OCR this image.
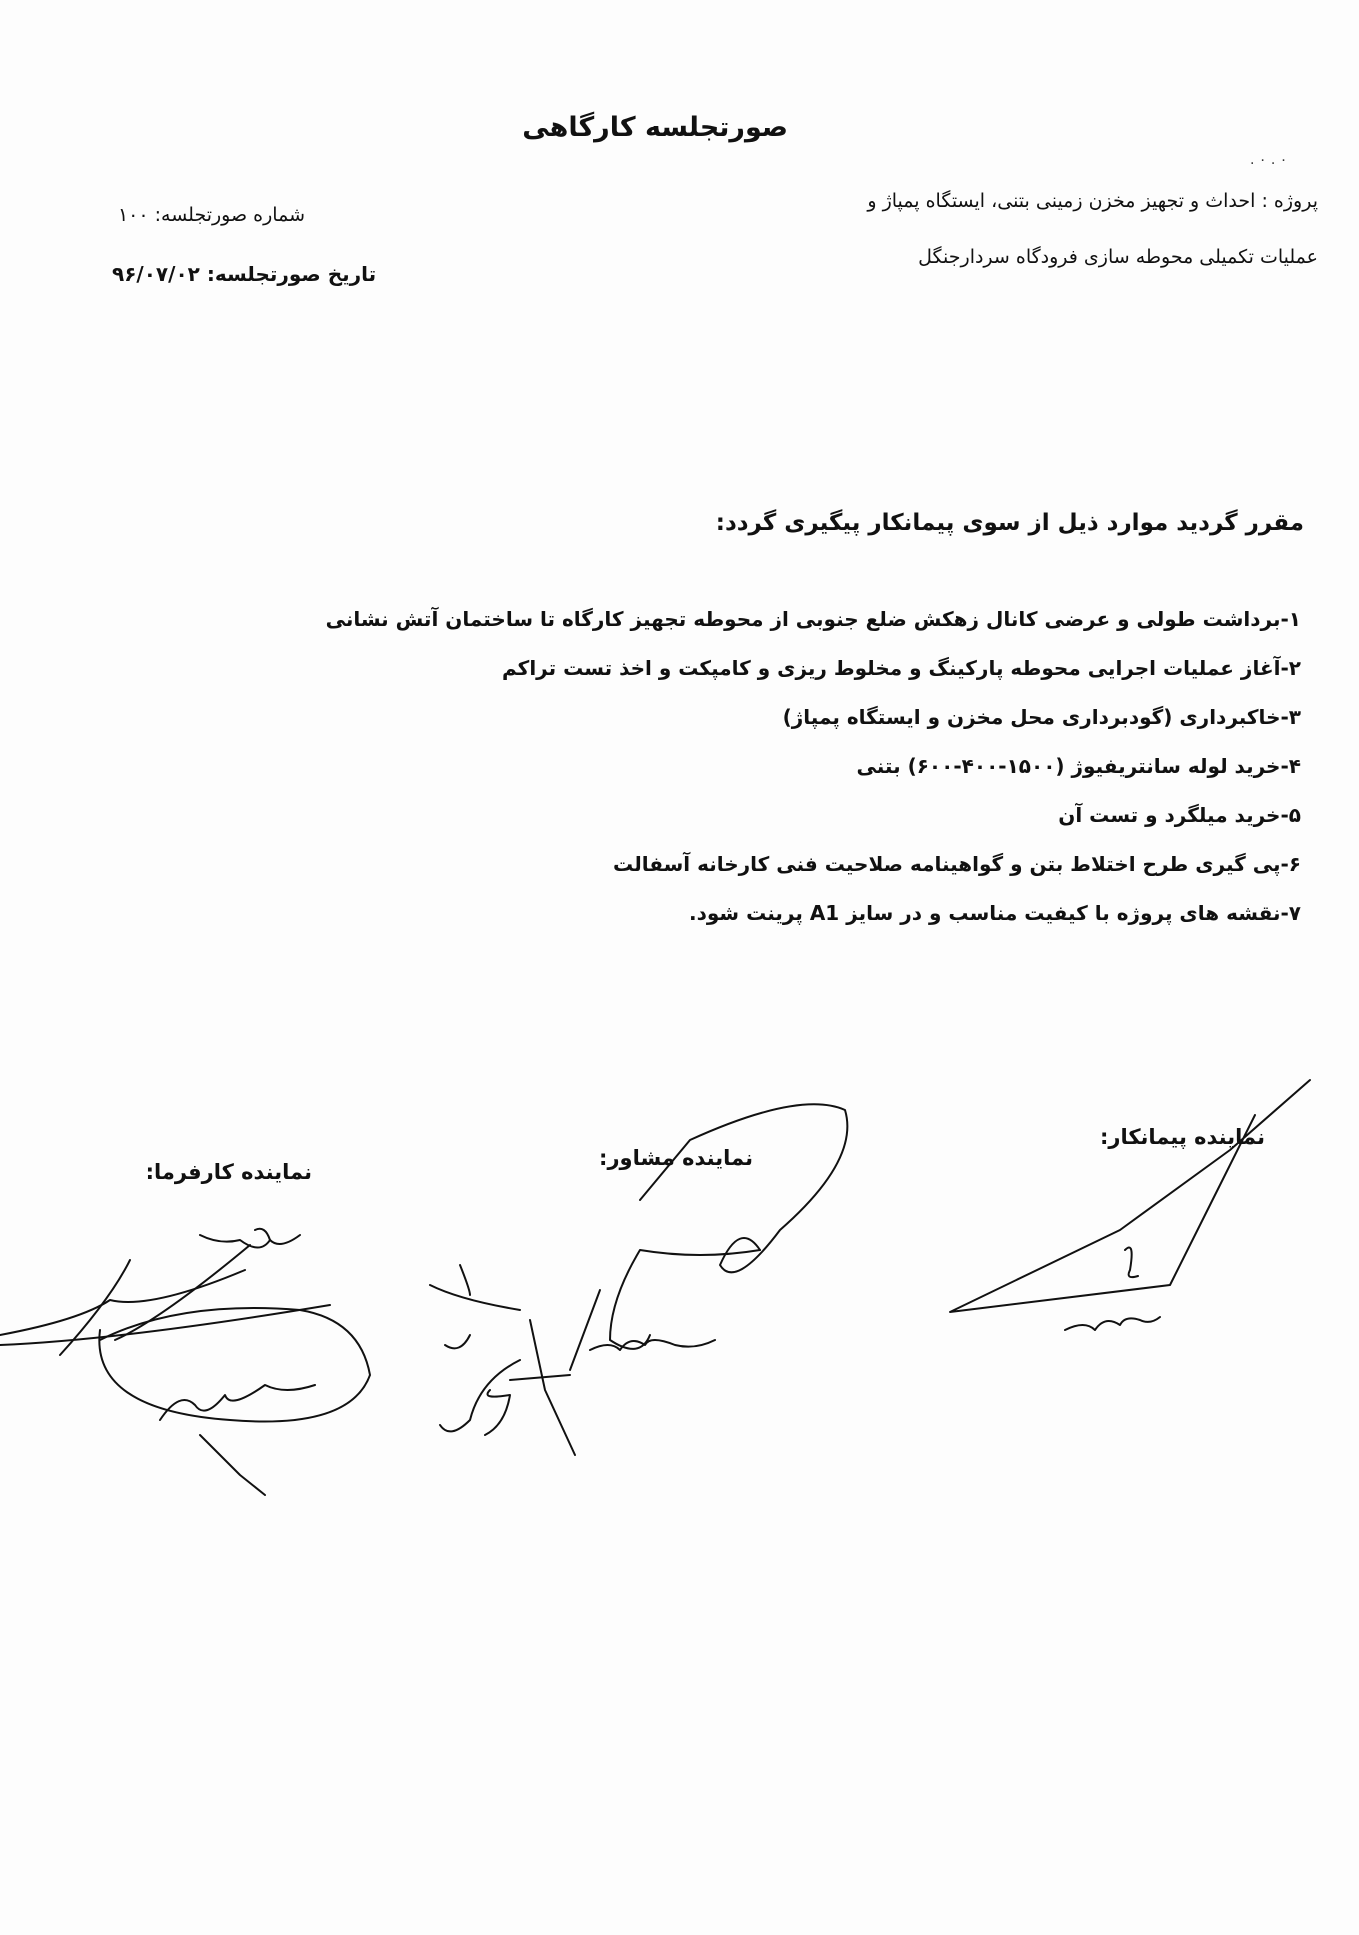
صورتجلسه کارگاهی
. ۰ . ۰
پروژه : احداث و تجهیز مخزن زمینی بتنی، ایستگاه پمپاژ و
عملیات تکمیلی محوطه سازی فرودگاه سردارجنگل
۱۰۰ :شماره صورتجلسه
۹۶/۰۷/۰۲ :تاریخ صورتجلسه
مقرر گردید موارد ذیل از سوی پیمانکار پیگیری گردد:
۱-برداشت طولی و عرضی کانال زهکش ضلع جنوبی از محوطه تجهیز کارگاه تا ساختمان آتش نشانی
۲-آغاز عملیات اجرایی محوطه پارکینگ و مخلوط ریزی و کامپکت و اخذ تست تراکم
۳-خاکبرداری (گودبرداری محل مخزن و ایستگاه پمپاژ)
۴-خرید لوله سانتریفیوژ (۱۵۰۰-۴۰۰-۶۰۰) بتنی
۵-خرید میلگرد و تست آن
۶-پی گیری طرح اختلاط بتن و گواهینامه صلاحیت فنی کارخانه آسفالت
۷-نقشه های پروژه با کیفیت مناسب و در سایز A1 پرینت شود.
نماینده پیمانکار:
نماینده مشاور:
نماینده کارفرما:
